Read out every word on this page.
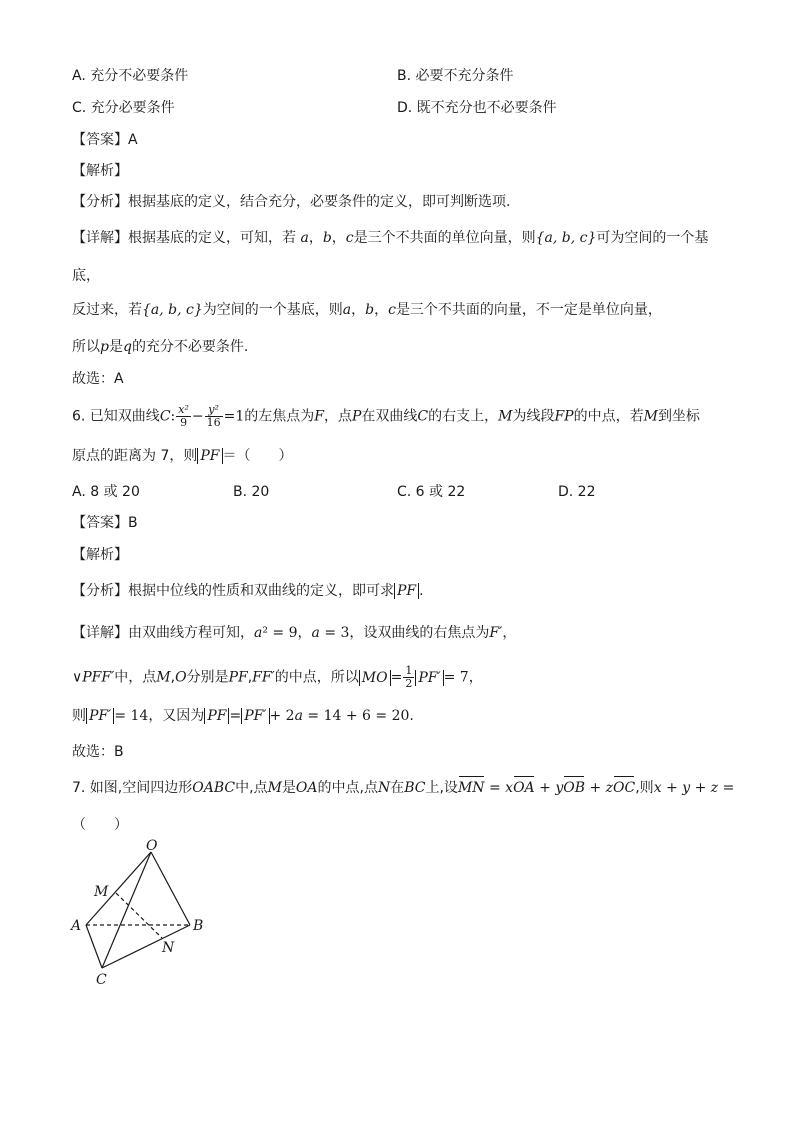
A. 充分不必要条件	B. 必要不充分条件
C. 充分必要条件	D. 既不充分也不必要条件
【答案】A
【解析】
【分析】根据基底的定义，结合充分，必要条件的定义，即可判断选项.
【详解】根据基底的定义，可知，若 a，b，c是三个不共面的单位向量，则{a, b, c}可为空间的一个基
底，
反过来，若{a, b, c}为空间的一个基底，则a，b，c是三个不共面的向量，不一定是单位向量，
所以p是q的充分不必要条件.
故选：A
6. 已知双曲线C: $\frac{\text{x²}}{9} - \frac{\text{y²}}{16} =1$的左焦点为F，点P在双曲线C的右支上，M为线段FP的中点，若M到坐标
原点的距离为 7，则 PF ＝（　　）
A. 8 或 20	B. 20	C. 6 或 22	D. 22
【答案】B
【解析】
【分析】根据中位线的性质和双曲线的定义，即可求 PF .
【详解】由双曲线方程可知，a² = 9，a = 3，设双曲线的右焦点为F′，
∨PFF′中，点M,O分别是PF,FF′的中点，所以 MO = $\frac{1}{2} PF' = 7$，
则 PF′ = 14，又因为 PF = PF′ + 2a = 14 + 6 = 20.
故选：B
7. 如图,空间四边形OABC中,点M是OA的中点,点N在BC上,设MN = xOA + yOB + zOC,则x + y + z =
（　　）
O
M
A	B
N
C
